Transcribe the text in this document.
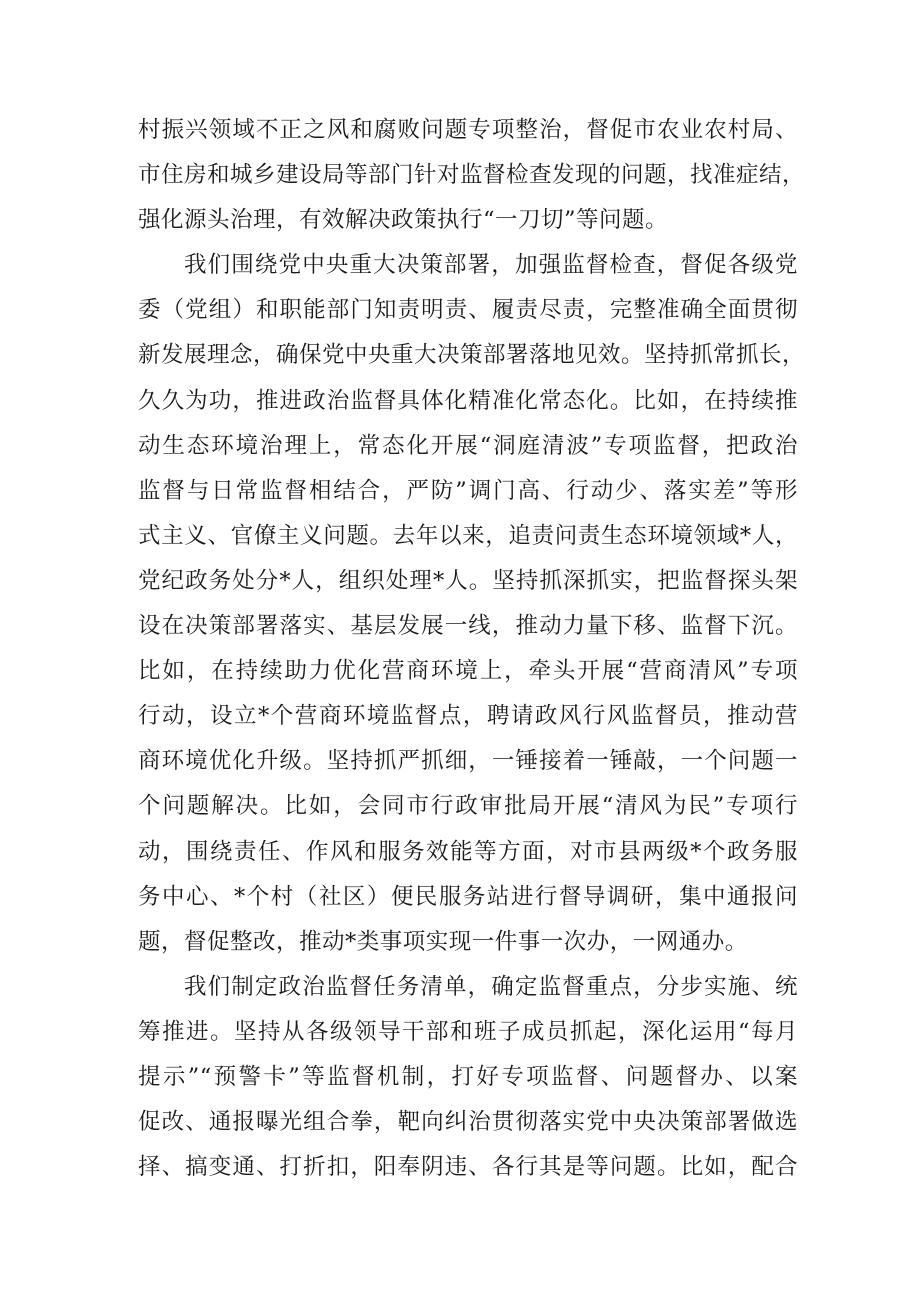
村振兴领域不正之风和腐败问题专项整治，督促市农业农村局、
市住房和城乡建设局等部门针对监督检查发现的问题，找准症结，
强化源头治理，有效解决政策执行“一刀切”等问题。
我们围绕党中央重大决策部署，加强监督检查，督促各级党
委（党组）和职能部门知责明责、履责尽责，完整准确全面贯彻
新发展理念，确保党中央重大决策部署落地见效。坚持抓常抓长，
久久为功，推进政治监督具体化精准化常态化。比如，在持续推
动生态环境治理上，常态化开展“洞庭清波”专项监督，把政治
监督与日常监督相结合，严防”调门高、行动少、落实差”等形
式主义、官僚主义问题。去年以来，追责问责生态环境领域*人，
党纪政务处分*人，组织处理*人。坚持抓深抓实，把监督探头架
设在决策部署落实、基层发展一线，推动力量下移、监督下沉。
比如，在持续助力优化营商环境上，牵头开展“营商清风”专项
行动，设立*个营商环境监督点，聘请政风行风监督员，推动营
商环境优化升级。坚持抓严抓细，一锤接着一锤敲，一个问题一
个问题解决。比如，会同市行政审批局开展“清风为民”专项行
动，围绕责任、作风和服务效能等方面，对市县两级*个政务服
务中心、*个村（社区）便民服务站进行督导调研，集中通报问
题，督促整改，推动*类事项实现一件事一次办，一网通办。
我们制定政治监督任务清单，确定监督重点，分步实施、统
筹推进。坚持从各级领导干部和班子成员抓起，深化运用“每月
提示”“预警卡”等监督机制，打好专项监督、问题督办、以案
促改、通报曝光组合拳，靶向纠治贯彻落实党中央决策部署做选
择、搞变通、打折扣，阳奉阴违、各行其是等问题。比如，配合
